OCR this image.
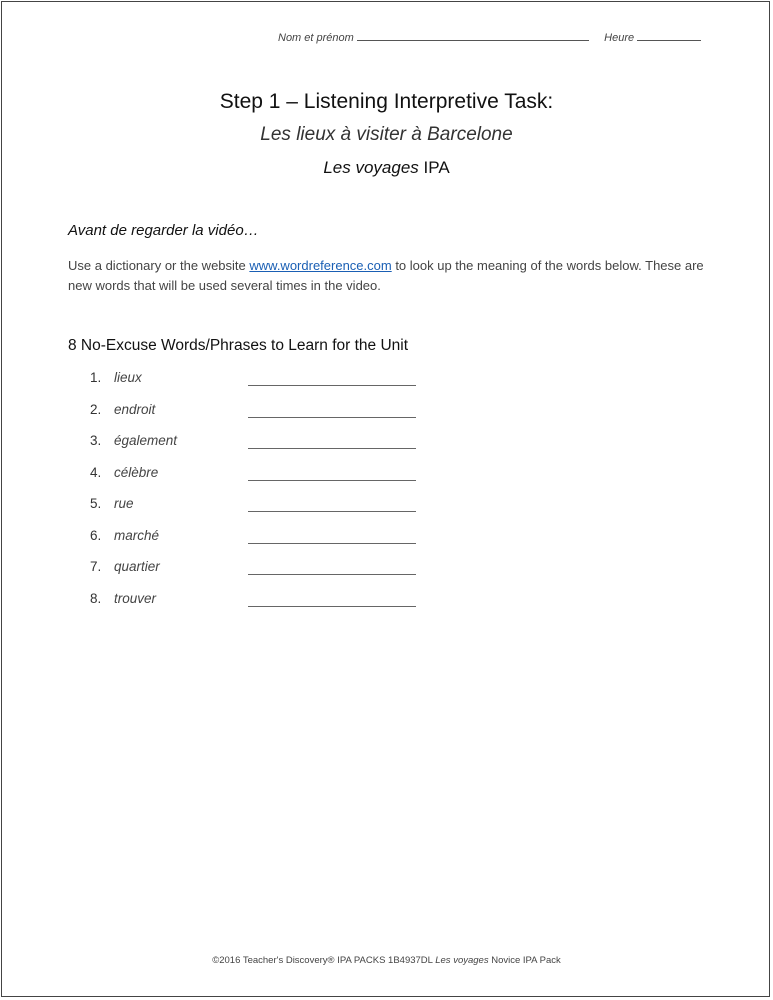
Nom et prénom	Heure
Step 1 – Listening Interpretive Task:
Les lieux à visiter à Barcelone
Les voyages IPA
Avant de regarder la vidéo…
Use a dictionary or the website www.wordreference.com to look up the meaning of the words below. These are new words that will be used several times in the video.
8 No-Excuse Words/Phrases to Learn for the Unit
1. lieux
2. endroit
3. également
4. célèbre
5. rue
6. marché
7. quartier
8. trouver
©2016 Teacher's Discovery® IPA PACKS 1B4937DL Les voyages Novice IPA Pack
